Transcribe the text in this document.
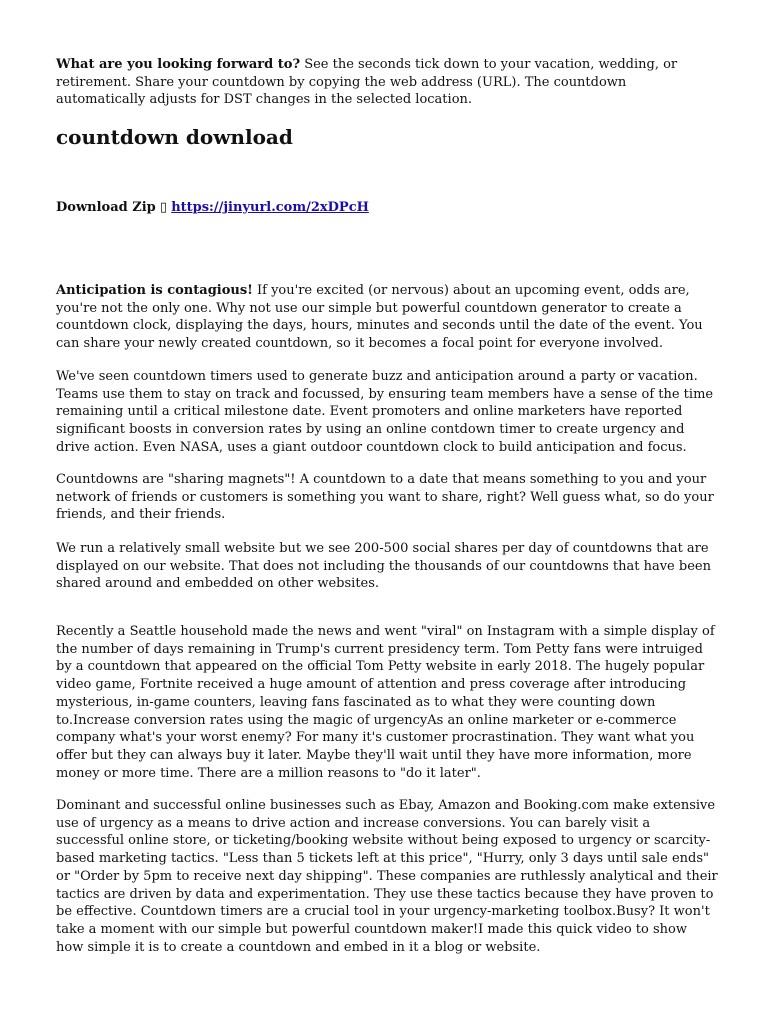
What are you looking forward to? See the seconds tick down to your vacation, wedding, or retirement. Share your countdown by copying the web address (URL). The countdown automatically adjusts for DST changes in the selected location.

countdown download

Download Zip ▯ https://jinyurl.com/2xDPcH

Anticipation is contagious! If you're excited (or nervous) about an upcoming event, odds are, you're not the only one. Why not use our simple but powerful countdown generator to create a countdown clock, displaying the days, hours, minutes and seconds until the date of the event. You can share your newly created countdown, so it becomes a focal point for everyone involved.

We've seen countdown timers used to generate buzz and anticipation around a party or vacation. Teams use them to stay on track and focussed, by ensuring team members have a sense of the time remaining until a critical milestone date. Event promoters and online marketers have reported significant boosts in conversion rates by using an online contdown timer to create urgency and drive action. Even NASA, uses a giant outdoor countdown clock to build anticipation and focus.

Countdowns are "sharing magnets"! A countdown to a date that means something to you and your network of friends or customers is something you want to share, right? Well guess what, so do your friends, and their friends.

We run a relatively small website but we see 200-500 social shares per day of countdowns that are displayed on our website. That does not including the thousands of our countdowns that have been shared around and embedded on other websites.

Recently a Seattle household made the news and went "viral" on Instagram with a simple display of the number of days remaining in Trump's current presidency term. Tom Petty fans were intruiged by a countdown that appeared on the official Tom Petty website in early 2018. The hugely popular video game, Fortnite received a huge amount of attention and press coverage after introducing mysterious, in-game counters, leaving fans fascinated as to what they were counting down to.Increase conversion rates using the magic of urgencyAs an online marketer or e-commerce company what's your worst enemy? For many it's customer procrastination. They want what you offer but they can always buy it later. Maybe they'll wait until they have more information, more money or more time. There are a million reasons to "do it later".

Dominant and successful online businesses such as Ebay, Amazon and Booking.com make extensive use of urgency as a means to drive action and increase conversions. You can barely visit a successful online store, or ticketing/booking website without being exposed to urgency or scarcity-based marketing tactics. "Less than 5 tickets left at this price", "Hurry, only 3 days until sale ends" or "Order by 5pm to receive next day shipping". These companies are ruthlessly analytical and their tactics are driven by data and experimentation. They use these tactics because they have proven to be effective. Countdown timers are a crucial tool in your urgency-marketing toolbox.Busy? It won't take a moment with our simple but powerful countdown maker!I made this quick video to show how simple it is to create a countdown and embed in it a blog or website.
